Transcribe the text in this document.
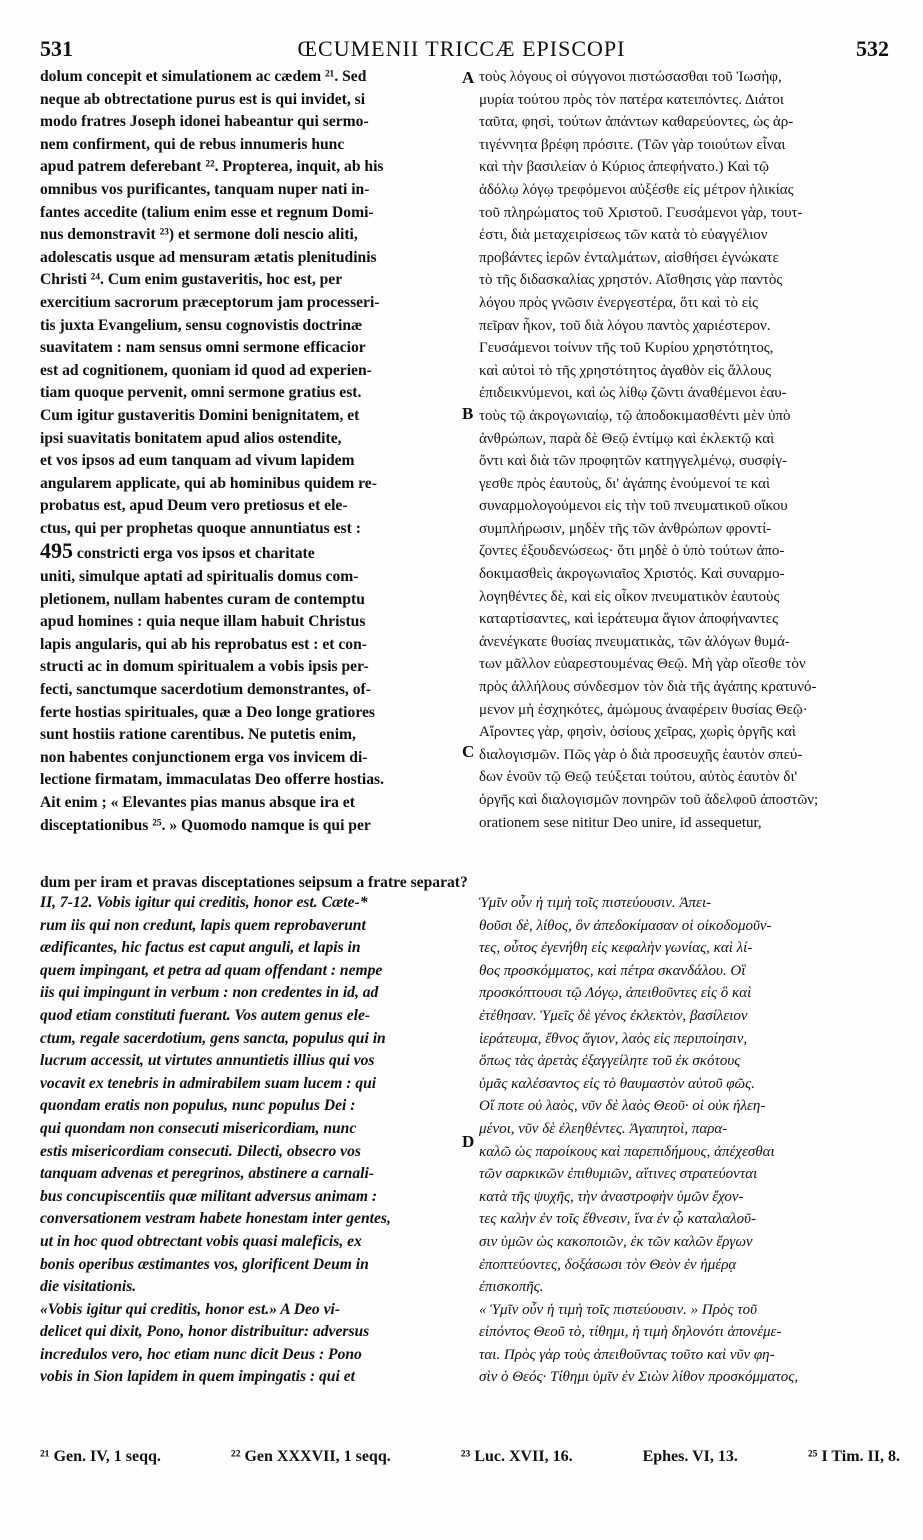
531	ŒCUMENII TRICCÆ EPISCOPI	532
dolum concepit et simulationem ac cædem ²¹. Sed
neque ab obtrectatione purus est is qui invidet, si
modo fratres Joseph idonei habeantur qui sermo-
nem confirment, qui de rebus innumeris hunc
apud patrem deferebant ²². Propterea, inquit, ab his
omnibus vos purificantes, tanquam nuper nati in-
fantes accedite (talium enim esse et regnum Domi-
nus demonstravit ²³) et sermone doli nescio aliti,
adolescatis usque ad mensuram ætatis plenitudinis
Christi ²⁴. Cum enim gustaveritis, hoc est, per
exercitium sacrorum præceptorum jam processeri-
tis juxta Evangelium, sensu cognovistis doctrinæ
suavitatem : nam sensus omni sermone efficacior
est ad cognitionem, quoniam id quod ad experien-
tiam quoque pervenit, omni sermone gratius est.
Cum igitur gustaveritis Domini benignitatem, et
ipsi suavitatis bonitatem apud alios ostendite,
et vos ipsos ad eum tanquam ad vivum lapidem
angularem applicate, qui ab hominibus quidem re-
probatus est, apud Deum vero pretiosus et ele-
ctus, qui per prophetas quoque annuntiatus est :
495 constricti erga vos ipsos et charitate
uniti, simulque aptati ad spiritualis domus com-
pletionem, nullam habentes curam de contemptu
apud homines : quia neque illam habuit Christus
lapis angularis, qui ab his reprobatus est : et con-
structi ac in domum spiritualem a vobis ipsis per-
fecti, sanctumque sacerdotium demonstrantes, of-
ferte hostias spirituales, quæ a Deo longe gratiores
sunt hostiis ratione carentibus. Ne putetis enim,
non habentes conjunctionem erga vos invicem di-
lectione firmatam, immaculatas Deo offerre hostias.
Ait enim ; « Elevantes pias manus absque ira et
disceptationibus ²⁵. » Quomodo namque is qui per
τοὺς λόγους οἱ σύγγονοι πιστώσασθαι τοῦ Ἰωσὴφ,
μυρία τούτου πρὸς τὸν πατέρα κατειπόντες. Διάτοι
ταῦτα, φησὶ, τούτων ἁπάντων καθαρεύοντες, ὡς ἀρ-
τιγέννητα βρέφη πρόσιτε. (Τῶν γὰρ τοιούτων εἶναι
καὶ τὴν βασιλείαν ὁ Κύριος ἀπεφήνατο.) Καὶ τῷ
ἀδόλῳ λόγῳ τρεφόμενοι αὐξέσθε εἰς μέτρον ἡλικίας
τοῦ πληρώματος τοῦ Χριστοῦ. Γευσάμενοι γὰρ, τουτ-
έστι, διὰ μεταχειρίσεως τῶν κατὰ τὸ εὐαγγέλιον
προβάντες ἱερῶν ἐνταλμάτων, αἰσθήσει ἐγνώκατε
τὸ τῆς διδασκαλίας χρηστόν. Αἴσθησις γὰρ παντὸς
λόγου πρὸς γνῶσιν ἐνεργεστέρα, ὅτι καὶ τὸ εἰς
πεῖραν ἧκον, τοῦ διὰ λόγου παντὸς χαριέστερον.
Γευσάμενοι τοίνυν τῆς τοῦ Κυρίου χρηστότητος,
καὶ αὐτοὶ τὸ τῆς χρηστότητος ἀγαθὸν εἰς ἄλλους
ἐπιδεικνύμενοι, καὶ ὡς λίθῳ ζῶντι ἀναθέμενοι ἑαυ-
τοὺς τῷ ἀκρογωνιαίῳ, τῷ ἀποδοκιμασθέντι μὲν ὑπὸ
ἀνθρώπων, παρὰ δὲ Θεῷ ἐντίμῳ καὶ ἐκλεκτῷ καὶ
ὄντι καὶ διὰ τῶν προφητῶν κατηγγελμένῳ, συσφίγ-
γεσθε πρὸς ἑαυτοὺς, δι' ἀγάπης ἑνούμενοί τε καὶ
συναρμολογούμενοι εἰς τὴν τοῦ πνευματικοῦ οἴκου
συμπλήρωσιν, μηδὲν τῆς τῶν ἀνθρώπων φροντί-
ζοντες ἐξουδενώσεως· ὅτι μηδὲ ὁ ὑπὸ τούτων ἀπο-
δοκιμασθεὶς ἀκρογωνιαῖος Χριστός. Καὶ συναρμο-
λογηθέντες δὲ, καὶ εἰς οἶκον πνευματικὸν ἑαυτοὺς
καταρτίσαντες, καὶ ἱεράτευμα ἅγιον ἀποφήναντες
ἀνενέγκατε θυσίας πνευματικὰς, τῶν ἀλόγων θυμά-
των μᾶλλον εὐαρεστουμένας Θεῷ. Μὴ γὰρ οἴεσθε τὸν
πρὸς ἀλλήλους σύνδεσμον τὸν διὰ τῆς ἀγάπης κρατυνό-
μενον μὴ ἐσχηκότες, ἀμώμους ἀναφέρειν θυσίας Θεῷ·
Αἴροντες γὰρ, φησὶν, ὁσίους χεῖρας, χωρὶς ὀργῆς καὶ
διαλογισμῶν. Πῶς γὰρ ὁ διὰ προσευχῆς ἑαυτὸν σπεύ-
δων ἑνοῦν τῷ Θεῷ τεύξεται τούτου, αὐτὸς ἑαυτὸν δι'
ὀργῆς καὶ διαλογισμῶν πονηρῶν τοῦ ἀδελφοῦ ἀποστῶν;
orationem sese nititur Deo unire, id assequetur,
A
B
C
D
dum per iram et pravas disceptationes seipsum a fratre separat?
II, 7-12. Vobis igitur qui creditis, honor est. Cæte-*
rum iis qui non credunt, lapis quem reprobaverunt
ædificantes, hic factus est caput anguli, et lapis in
quem impingant, et petra ad quam offendant : nempe
iis qui impingunt in verbum : non credentes in id, ad
quod etiam constituti fuerant. Vos autem genus ele-
ctum, regale sacerdotium, gens sancta, populus qui in
lucrum accessit, ut virtutes annuntietis illius qui vos
vocavit ex tenebris in admirabilem suam lucem : qui
quondam eratis non populus, nunc populus Dei :
qui quondam non consecuti misericordiam, nunc
estis misericordiam consecuti. Dilecti, obsecro vos
tanquam advenas et peregrinos, abstinere a carnali-
bus concupiscentiis quæ militant adversus animam :
conversationem vestram habete honestam inter gentes,
ut in hoc quod obtrectant vobis quasi maleficis, ex
bonis operibus æstimantes vos, glorificent Deum in
die visitationis.
«Vobis igitur qui creditis, honor est.» A Deo vi-
delicet qui dixit, Pono, honor distribuitur: adversus
incredulos vero, hoc etiam nunc dicit Deus : Pono
vobis in Sion lapidem in quem impingatis : qui et
Ὑμῖν οὖν ἡ τιμὴ τοῖς πιστεύουσιν. Ἀπει-
θοῦσι δὲ, λίθος, ὃν ἀπεδοκίμασαν οἱ οἰκοδομοῦν-
τες, οὗτος ἐγενήθη εἰς κεφαλὴν γωνίας, καὶ λί-
θος προσκόμματος, καὶ πέτρα σκανδάλου. Οἳ
προσκόπτουσι τῷ Λόγῳ, ἀπειθοῦντες εἰς ὃ καὶ
ἐτέθησαν. Ὑμεῖς δὲ γένος ἐκλεκτὸν, βασίλειον
ἱεράτευμα, ἔθνος ἅγιον, λαὸς εἰς περιποίησιν,
ὅπως τὰς ἀρετὰς ἐξαγγείλητε τοῦ ἐκ σκότους
ὑμᾶς καλέσαντος εἰς τὸ θαυμαστὸν αὐτοῦ φῶς.
Οἵ ποτε οὐ λαὸς, νῦν δὲ λαὸς Θεοῦ· οἱ οὐκ ἠλεη-
μένοι, νῦν δὲ ἐλεηθέντες. Ἀγαπητοὶ, παρα-
καλῶ ὡς παροίκους καὶ παρεπιδήμους, ἀπέχεσθαι
τῶν σαρκικῶν ἐπιθυμιῶν, αἵτινες στρατεύονται
κατὰ τῆς ψυχῆς, τὴν ἀναστροφὴν ὑμῶν ἔχον-
τες καλὴν ἐν τοῖς ἔθνεσιν, ἵνα ἐν ᾧ καταλαλοῦ-
σιν ὑμῶν ὡς κακοποιῶν, ἐκ τῶν καλῶν ἔργων
ἐποπτεύοντες, δοξάσωσι τὸν Θεὸν ἐν ἡμέρᾳ
ἐπισκοπῆς.
« Ὑμῖν οὖν ἡ τιμὴ τοῖς πιστεύουσιν. » Πρὸς τοῦ
εἰπόντος Θεοῦ τὸ, τίθημι, ἡ τιμὴ δηλονότι ἀπονέμε-
ται. Πρὸς γὰρ τοὺς ἀπειθοῦντας τοῦτο καὶ νῦν φη-
σὶν ὁ Θεός· Τίθημι ὑμῖν ἐν Σιὼν λίθον προσκόμματος,
²¹ Gen. IV, 1 seqq.	²² Gen XXXVII, 1 seqq.	²³ Luc. XVII, 16.	Ephes. VI, 13.	²⁵ I Tim. II, 8.
